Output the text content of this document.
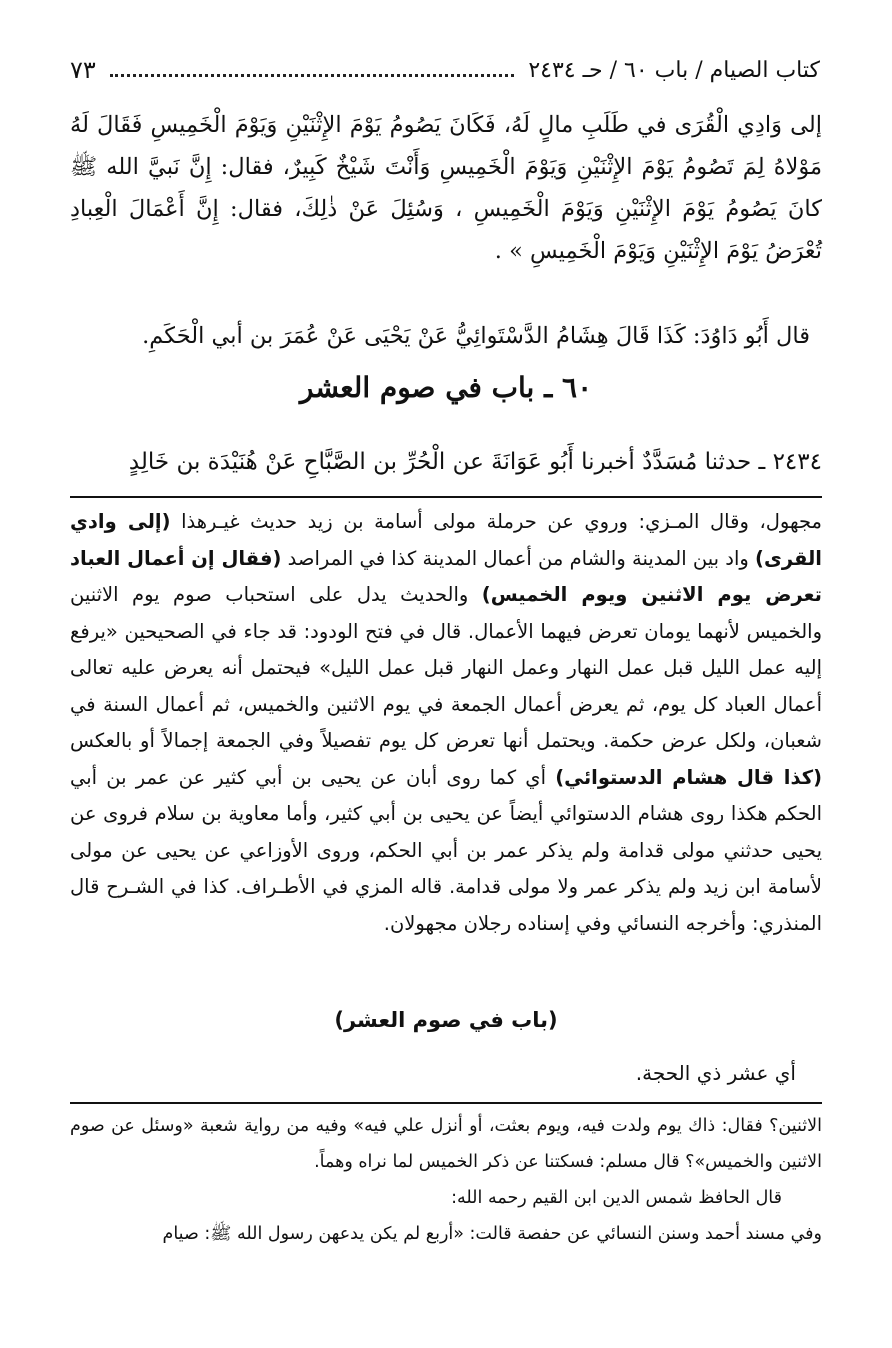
كتاب الصيام / باب ٦٠ / حـ ٢٤٣٤
٧٣

إلى وَادِي الْقُرَى في طَلَبِ مالٍ لَهُ، فَكَانَ يَصُومُ يَوْمَ الإِثْنَيْنِ وَيَوْمَ الْخَمِيسِ فَقَالَ لَهُ مَوْلاهُ لِمَ تَصُومُ يَوْمَ الإِثْنَيْنِ وَيَوْمَ الْخَمِيسِ وَأَنْتَ شَيْخٌ كَبِيرٌ، فقال: إِنَّ نَبيَّ الله ﷺ كانَ يَصُومُ يَوْمَ الإِثْنَيْنِ وَيَوْمَ الْخَمِيسِ ، وَسُئِلَ عَنْ ذٰلِكَ، فقال: إِنَّ أَعْمَالَ الْعِبادِ تُعْرَضُ يَوْمَ الإِثْنَيْنِ وَيَوْمَ الْخَمِيسِ » .

قال أَبُو دَاوُدَ: كَذَا قَالَ هِشَامُ الدَّسْتَوائِيُّ عَنْ يَحْيَى عَنْ عُمَرَ بن أبي الْحَكَمِ.
٦٠ ـ باب في صوم العشر
٢٤٣٤ ـ حدثنا مُسَدَّدٌ أخبرنا أَبُو عَوَانَةَ عن الْحُرِّ بن الصَّبَّاحِ عَنْ هُنَيْدَة بن خَالِدٍ

مجهول، وقال المـزي: وروي عن حرملة مولى أسامة بن زيد حديث غيـرهذا (إلى وادي القرى) واد بين المدينة والشام من أعمال المدينة كذا في المراصد (فقال إن أعمال العباد تعرض يوم الاثنين ويوم الخميس) والحديث يدل على استحباب صوم يوم الاثنين والخميس لأنهما يومان تعرض فيهما الأعمال. قال في فتح الودود: قد جاء في الصحيحين «يرفع إليه عمل الليل قبل عمل النهار وعمل النهار قبل عمل الليل» فيحتمل أنه يعرض عليه تعالى أعمال العباد كل يوم، ثم يعرض أعمال الجمعة في يوم الاثنين والخميس، ثم أعمال السنة في شعبان، ولكل عرض حكمة. ويحتمل أنها تعرض كل يوم تفصيلاً وفي الجمعة إجمالاً أو بالعكس (كذا قال هشام الدستوائي) أي كما روى أبان عن يحيى بن أبي كثير عن عمر بن أبي الحكم هكذا روى هشام الدستوائي أيضاً عن يحيى بن أبي كثير، وأما معاوية بن سلام فروى عن يحيى حدثني مولى قدامة ولم يذكر عمر بن أبي الحكم، وروى الأوزاعي عن يحيى عن مولى لأسامة ابن زيد ولم يذكر عمر ولا مولى قدامة. قاله المزي في الأطـراف. كذا في الشـرح قال المنذري: وأخرجه النسائي وفي إسناده رجلان مجهولان.

(باب في صوم العشر)
أي عشر ذي الحجة.

الاثنين؟ فقال: ذاك يوم ولدت فيه، ويوم بعثت، أو أنزل علي فيه» وفيه من رواية شعبة «وسئل عن صوم الاثنين والخميس»؟ قال مسلم: فسكتنا عن ذكر الخميس لما نراه وهماً.

قال الحافظ شمس الدين ابن القيم رحمه الله:

وفي مسند أحمد وسنن النسائي عن حفصة قالت: «أربع لم يكن يدعهن رسول الله ﷺ: صيام
